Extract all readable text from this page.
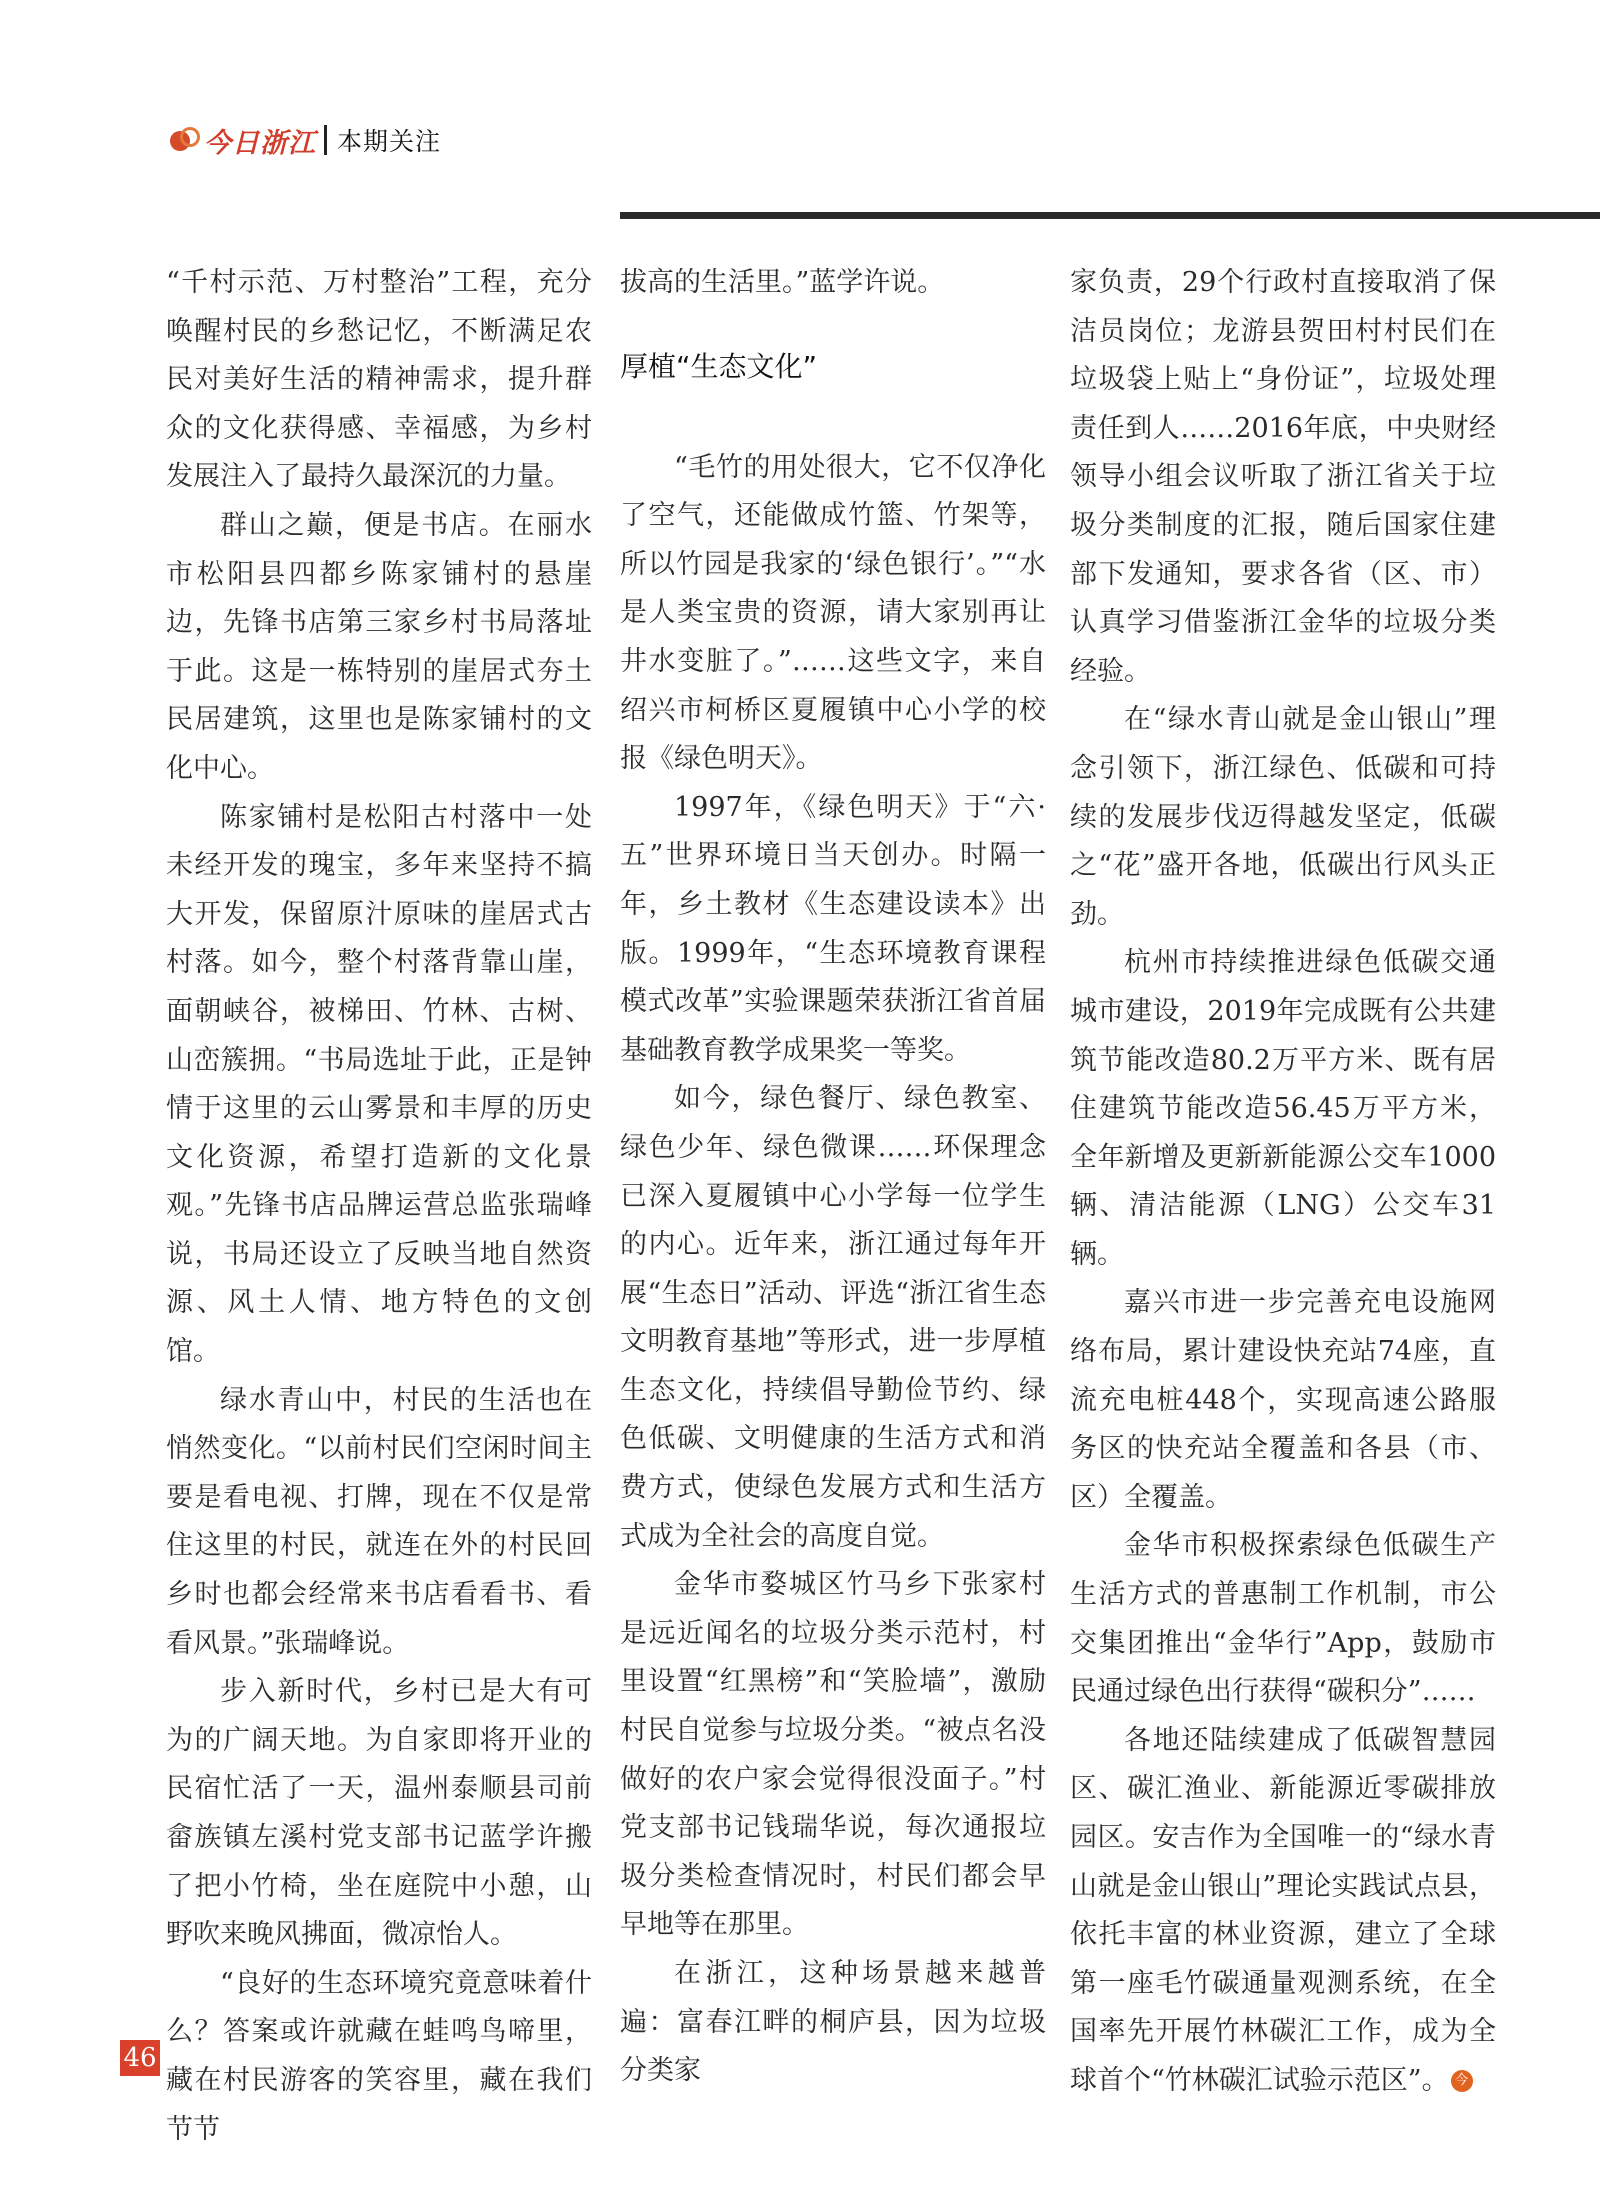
今日浙江 本期关注

“千村示范、万村整治”工程，充分唤醒村民的乡愁记忆，不断满足农民对美好生活的精神需求，提升群众的文化获得感、幸福感，为乡村发展注入了最持久最深沉的力量。

群山之巅，便是书店。在丽水市松阳县四都乡陈家铺村的悬崖边，先锋书店第三家乡村书局落址于此。这是一栋特别的崖居式夯土民居建筑，这里也是陈家铺村的文化中心。

陈家铺村是松阳古村落中一处未经开发的瑰宝，多年来坚持不搞大开发，保留原汁原味的崖居式古村落。如今，整个村落背靠山崖，面朝峡谷，被梯田、竹林、古树、山峦簇拥。“书局选址于此，正是钟情于这里的云山雾景和丰厚的历史文化资源，希望打造新的文化景观。”先锋书店品牌运营总监张瑞峰说，书局还设立了反映当地自然资源、风土人情、地方特色的文创馆。

绿水青山中，村民的生活也在悄然变化。“以前村民们空闲时间主要是看电视、打牌，现在不仅是常住这里的村民，就连在外的村民回乡时也都会经常来书店看看书、看看风景。”张瑞峰说。

步入新时代，乡村已是大有可为的广阔天地。为自家即将开业的民宿忙活了一天，温州泰顺县司前畲族镇左溪村党支部书记蓝学许搬了把小竹椅，坐在庭院中小憩，山野吹来晚风拂面，微凉怡人。

“良好的生态环境究竟意味着什么？答案或许就藏在蛙鸣鸟啼里，藏在村民游客的笑容里，藏在我们节节

拔高的生活里。”蓝学许说。

厚植“生态文化”

“毛竹的用处很大，它不仅净化了空气，还能做成竹篮、竹架等，所以竹园是我家的‘绿色银行’。”“水是人类宝贵的资源，请大家别再让井水变脏了。”……这些文字，来自绍兴市柯桥区夏履镇中心小学的校报《绿色明天》。

1997年，《绿色明天》于“六·五”世界环境日当天创办。时隔一年，乡土教材《生态建设读本》出版。1999年，“生态环境教育课程模式改革”实验课题荣获浙江省首届基础教育教学成果奖一等奖。

如今，绿色餐厅、绿色教室、绿色少年、绿色微课……环保理念已深入夏履镇中心小学每一位学生的内心。近年来，浙江通过每年开展“生态日”活动、评选“浙江省生态文明教育基地”等形式，进一步厚植生态文化，持续倡导勤俭节约、绿色低碳、文明健康的生活方式和消费方式，使绿色发展方式和生活方式成为全社会的高度自觉。

金华市婺城区竹马乡下张家村是远近闻名的垃圾分类示范村，村里设置“红黑榜”和“笑脸墙”，激励村民自觉参与垃圾分类。“被点名没做好的农户家会觉得很没面子。”村党支部书记钱瑞华说，每次通报垃圾分类检查情况时，村民们都会早早地等在那里。

在浙江，这种场景越来越普遍：富春江畔的桐庐县，因为垃圾分类家

家负责，29个行政村直接取消了保洁员岗位；龙游县贺田村村民们在垃圾袋上贴上“身份证”，垃圾处理责任到人……2016年底，中央财经领导小组会议听取了浙江省关于垃圾分类制度的汇报，随后国家住建部下发通知，要求各省（区、市）认真学习借鉴浙江金华的垃圾分类经验。

在“绿水青山就是金山银山”理念引领下，浙江绿色、低碳和可持续的发展步伐迈得越发坚定，低碳之“花”盛开各地，低碳出行风头正劲。

杭州市持续推进绿色低碳交通城市建设，2019年完成既有公共建筑节能改造80.2万平方米、既有居住建筑节能改造56.45万平方米，全年新增及更新新能源公交车1000辆、清洁能源（LNG）公交车31辆。

嘉兴市进一步完善充电设施网络布局，累计建设快充站74座，直流充电桩448个，实现高速公路服务区的快充站全覆盖和各县（市、区）全覆盖。

金华市积极探索绿色低碳生产生活方式的普惠制工作机制，市公交集团推出“金华行”App，鼓励市民通过绿色出行获得“碳积分”……

各地还陆续建成了低碳智慧园区、碳汇渔业、新能源近零碳排放园区。安吉作为全国唯一的“绿水青山就是金山银山”理论实践试点县，依托丰富的林业资源，建立了全球第一座毛竹碳通量观测系统，在全国率先开展竹林碳汇工作，成为全球首个“竹林碳汇试验示范区”。 今

46
